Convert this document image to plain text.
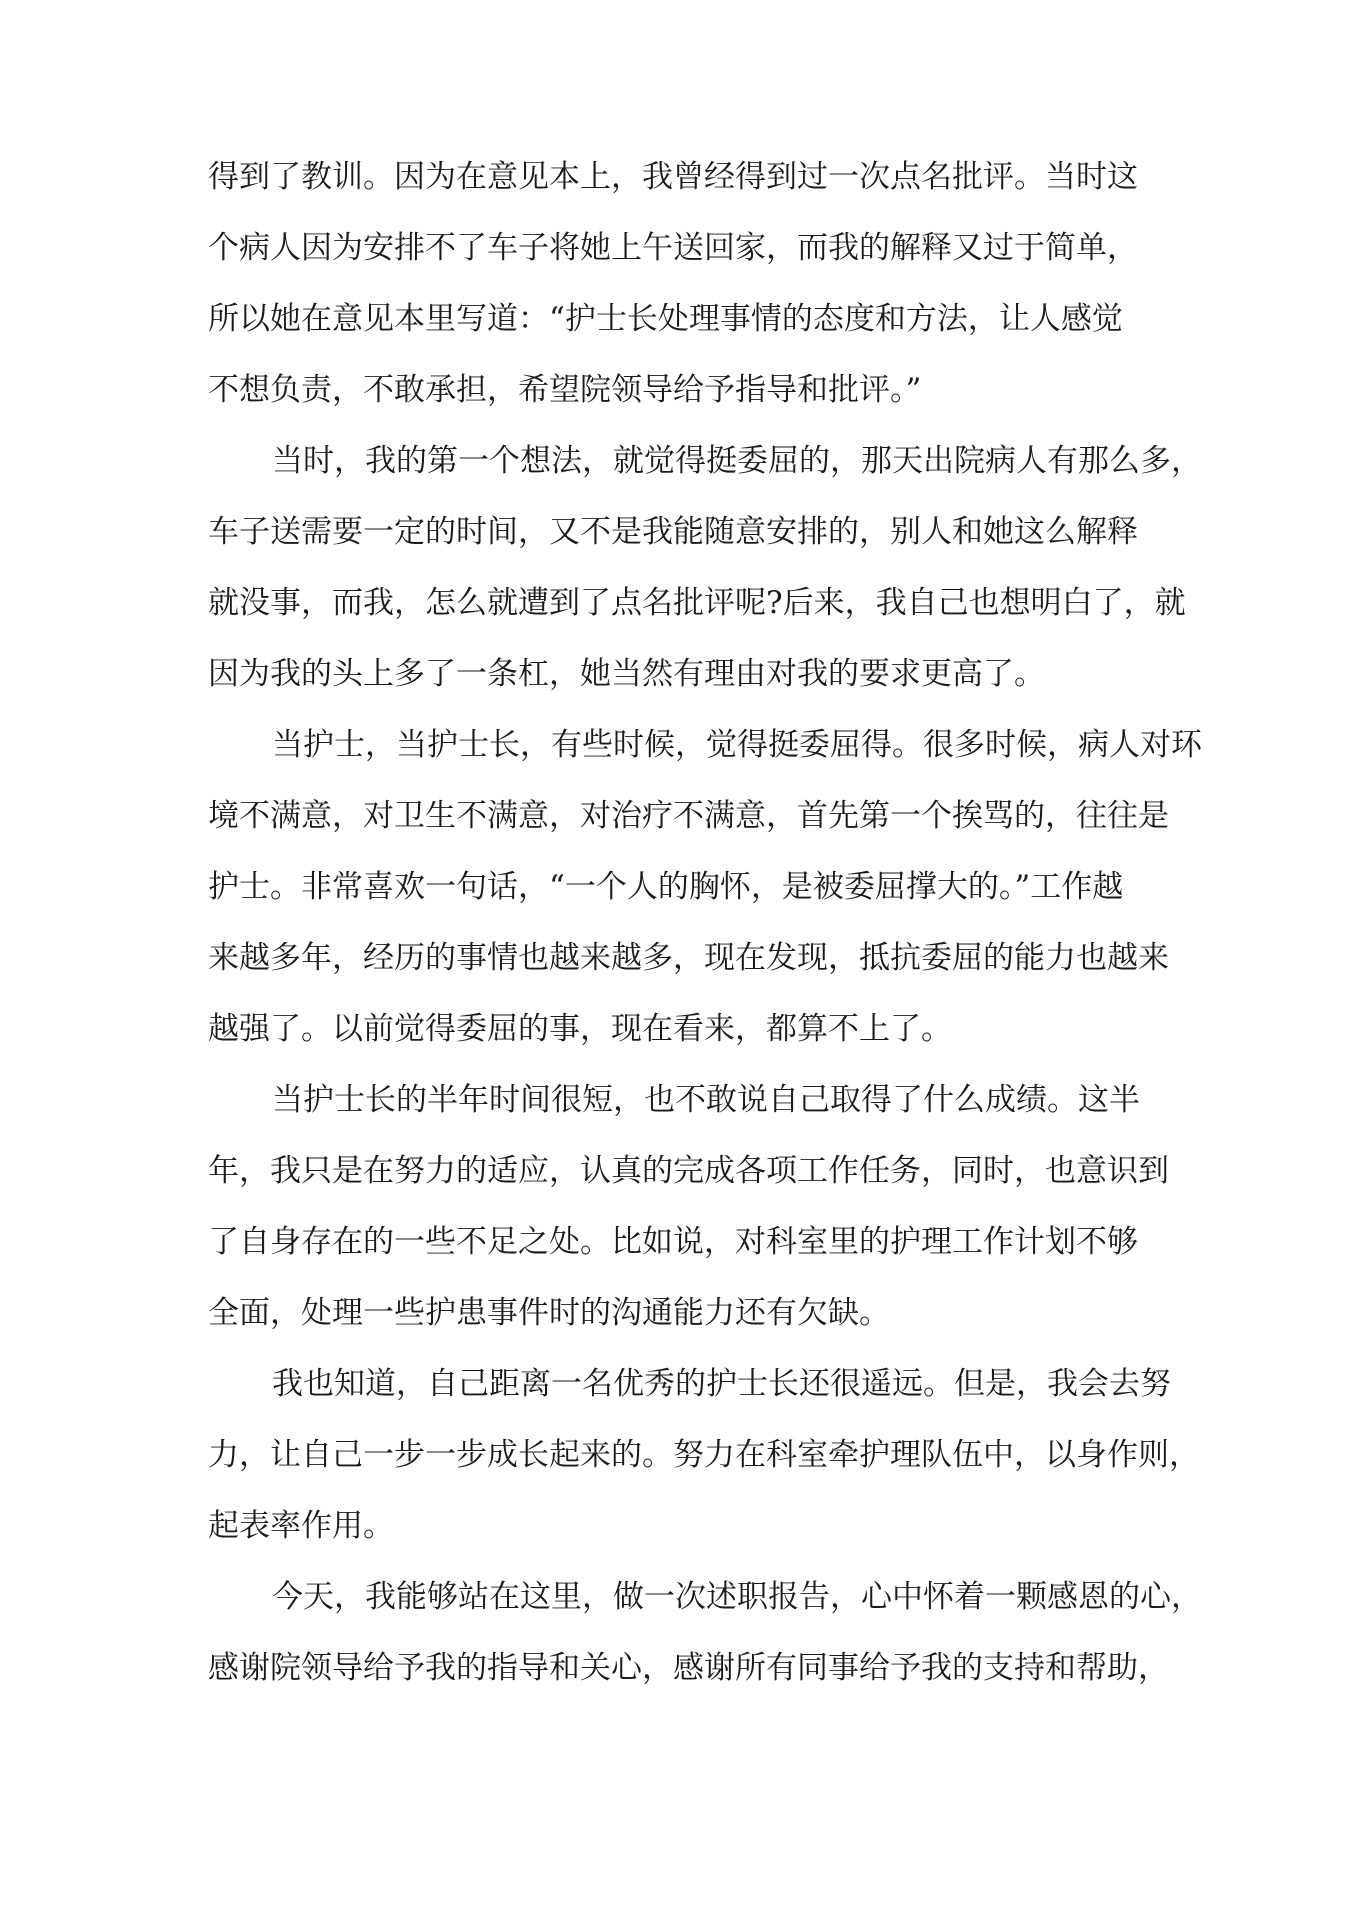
得到了教训。因为在意见本上，我曾经得到过一次点名批评。当时这
个病人因为安排不了车子将她上午送回家，而我的解释又过于简单，
所以她在意见本里写道：“护士长处理事情的态度和方法，让人感觉
不想负责，不敢承担，希望院领导给予指导和批评。”

当时，我的第一个想法，就觉得挺委屈的，那天出院病人有那么多，
车子送需要一定的时间，又不是我能随意安排的，别人和她这么解释
就没事，而我，怎么就遭到了点名批评呢?后来，我自己也想明白了，就
因为我的头上多了一条杠，她当然有理由对我的要求更高了。

当护士，当护士长，有些时候，觉得挺委屈得。很多时候，病人对环
境不满意，对卫生不满意，对治疗不满意，首先第一个挨骂的，往往是
护士。非常喜欢一句话，“一个人的胸怀，是被委屈撑大的。”工作越
来越多年，经历的事情也越来越多，现在发现，抵抗委屈的能力也越来
越强了。以前觉得委屈的事，现在看来，都算不上了。

当护士长的半年时间很短，也不敢说自己取得了什么成绩。这半
年，我只是在努力的适应，认真的完成各项工作任务，同时，也意识到
了自身存在的一些不足之处。比如说，对科室里的护理工作计划不够
全面，处理一些护患事件时的沟通能力还有欠缺。

我也知道，自己距离一名优秀的护士长还很遥远。但是，我会去努
力，让自己一步一步成长起来的。努力在科室牵护理队伍中，以身作则，
起表率作用。

今天，我能够站在这里，做一次述职报告，心中怀着一颗感恩的心，
感谢院领导给予我的指导和关心，感谢所有同事给予我的支持和帮助，
